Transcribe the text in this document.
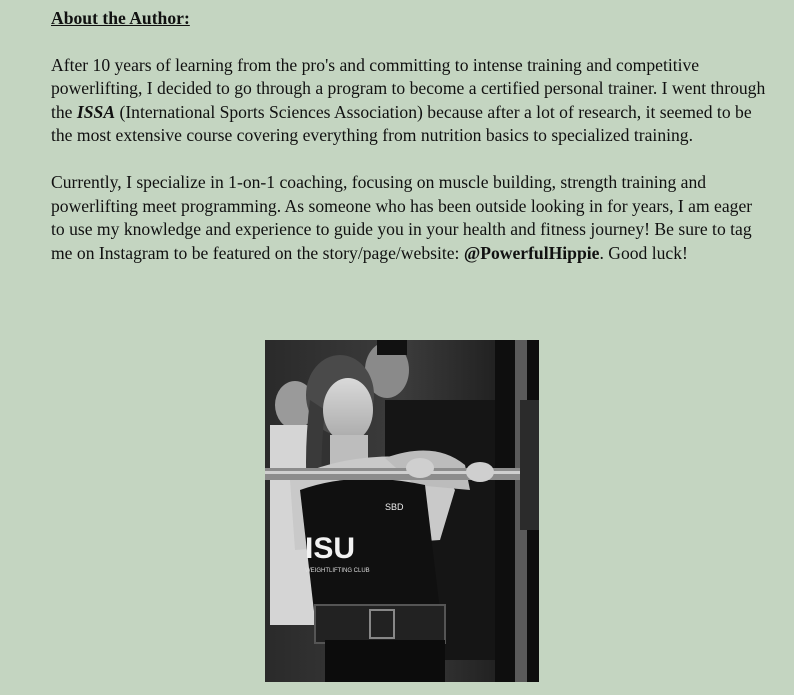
About the Author:

After 10 years of learning from the pro's and committing to intense training and competitive powerlifting, I decided to go through a program to become a certified personal trainer. I went through the ISSA (International Sports Sciences Association) because after a lot of research, it seemed to be the most extensive course covering everything from nutrition basics to specialized training.

Currently, I specialize in 1-on-1 coaching, focusing on muscle building, strength training and powerlifting meet programming. As someone who has been outside looking in for years, I am eager to use my knowledge and experience to guide you in your health and fitness journey! Be sure to tag me on Instagram to be featured on the story/page/website: @PowerfulHippie. Good luck!

SBD
ISU
WEIGHTLIFTING CLUB
